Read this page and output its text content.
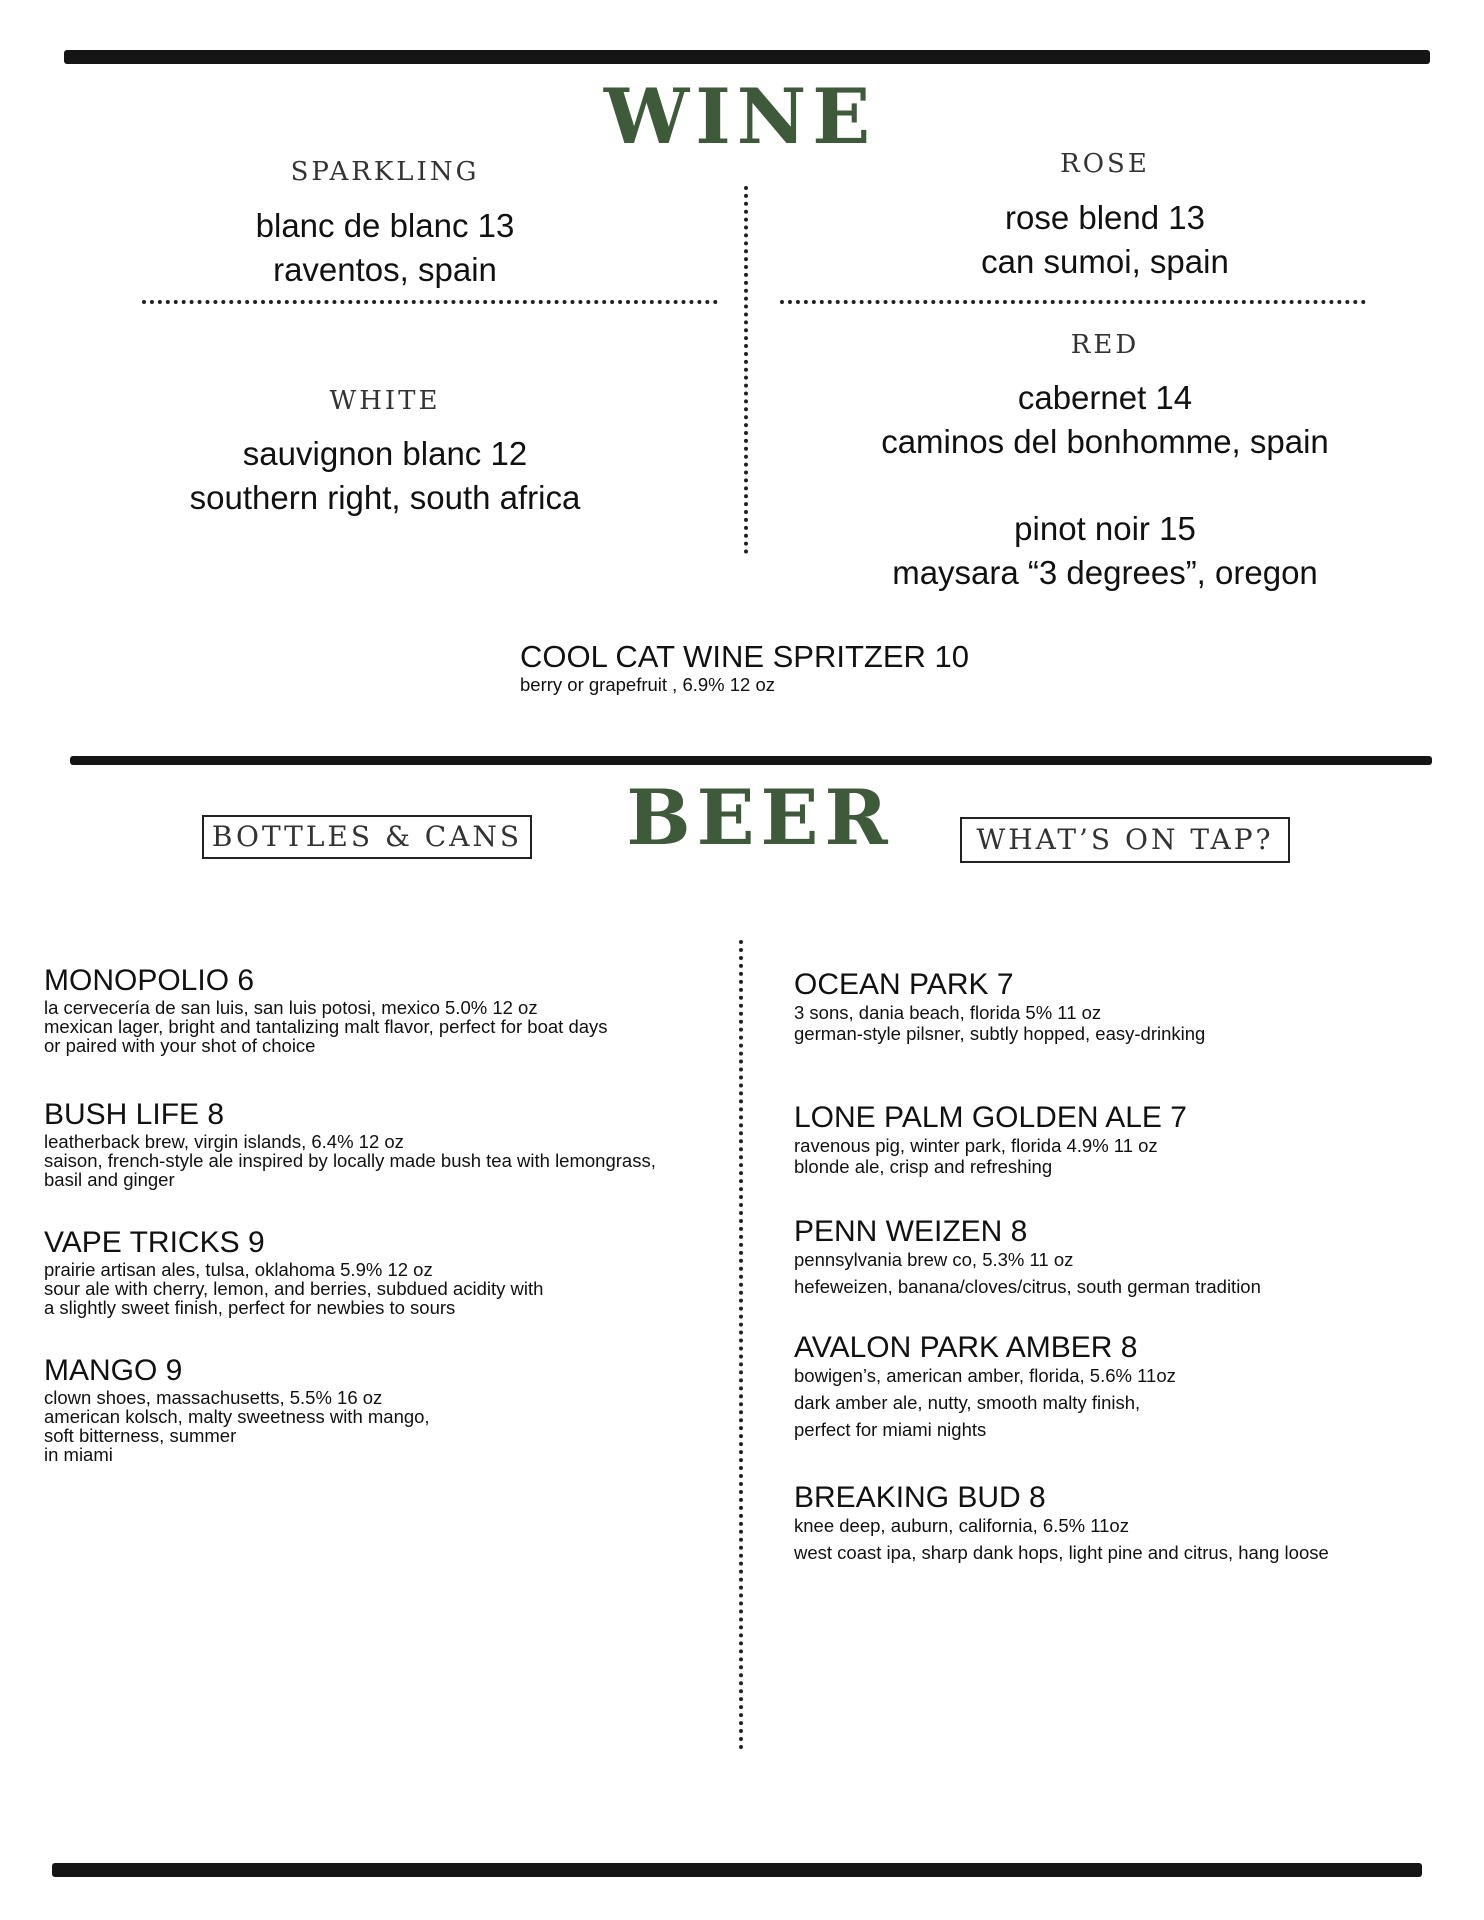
WINE
SPARKLING
blanc de blanc 13
raventos, spain
ROSE
rose blend 13
can sumoi, spain
WHITE
sauvignon blanc 12
southern right, south africa
RED
cabernet 14
caminos del bonhomme, spain
pinot noir 15
maysara “3 degrees”, oregon
COOL CAT WINE SPRITZER 10
berry or grapefruit , 6.9% 12 oz
BEER
BOTTLES & CANS	WHAT’S ON TAP?
MONOPOLIO 6
la cervecería de san luis, san luis potosi, mexico 5.0% 12 oz
mexican lager, bright and tantalizing malt flavor, perfect for boat days
or paired with your shot of choice
BUSH LIFE 8
leatherback brew, virgin islands, 6.4% 12 oz
saison, french-style ale inspired by locally made bush tea with lemongrass,
basil and ginger
VAPE TRICKS 9
prairie artisan ales, tulsa, oklahoma 5.9% 12 oz
sour ale with cherry, lemon, and berries, subdued acidity with
a slightly sweet finish, perfect for newbies to sours
MANGO 9
clown shoes, massachusetts, 5.5% 16 oz
american kolsch, malty sweetness with mango,
soft bitterness, summer
in miami
OCEAN PARK 7
3 sons, dania beach, florida 5% 11 oz
german-style pilsner, subtly hopped, easy-drinking
LONE PALM GOLDEN ALE 7
ravenous pig, winter park, florida 4.9% 11 oz
blonde ale, crisp and refreshing
PENN WEIZEN 8
pennsylvania brew co, 5.3% 11 oz
hefeweizen, banana/cloves/citrus, south german tradition
AVALON PARK AMBER 8
bowigen’s, american amber, florida, 5.6% 11oz
dark amber ale, nutty, smooth malty finish,
perfect for miami nights
BREAKING BUD 8
knee deep, auburn, california, 6.5% 11oz
west coast ipa, sharp dank hops, light pine and citrus, hang loose
